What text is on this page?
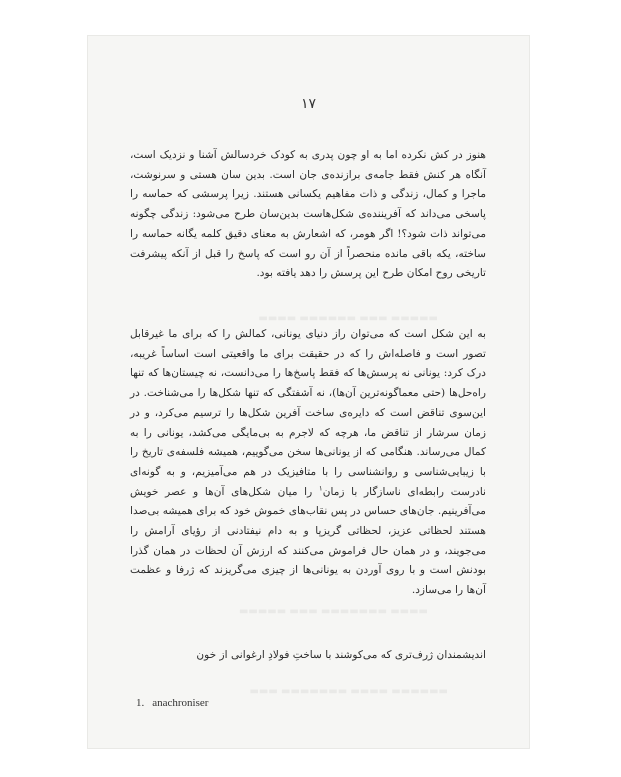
۱۷
▬▬▬▬▬ ▬▬▬ ▬▬▬▬▬▬ ▬▬▬▬
▬▬▬▬ ▬▬▬▬▬▬▬ ▬▬▬ ▬▬▬▬▬
▬▬▬▬▬▬ ▬▬▬▬ ▬▬▬▬▬▬▬ ▬▬▬

هنوز در کش نکرده اما به او چون پدری به کودک خردسالش آشنا و نزدیک است، آنگاه هر کنش فقط جامه‌ی برازنده‌ی جان است. بدین سان هستی و سرنوشت، ماجرا و کمال، زندگی و ذات مفاهیم یکسانی هستند. زیرا پرسشی که حماسه را پاسخی می‌داند که آفریننده‌ی شکل‌هاست بدین‌سان طرح می‌شود: زندگی چگونه می‌تواند ذات شود؟! اگر هومر، که اشعارش به معنای دقیق کلمه یگانه حماسه را ساخته، یکه باقی مانده منحصراً از آن رو است که پاسخ را قبل از آنکه پیشرفت تاریخی روح امکان طرح این پرسش را دهد یافته بود.

به این شکل است که می‌توان راز دنیای یونانی، کمالش را که برای ما غیرقابل تصور است و فاصله‌اش را که در حقیقت برای ما واقعیتی است اساساً غریبه، درک کرد: یونانی نه پرسش‌ها که فقط پاسخ‌ها را می‌دانست، نه چیستان‌ها که تنها راه‌حل‌ها (حتی معماگونه‌ترین آن‌ها)، نه آشفتگی که تنها شکل‌ها را می‌شناخت. در این‌سوی تناقض است که دایره‌ی ساخت آفرین شکل‌ها را ترسیم می‌کرد، و در زمان سرشار از تناقض ما، هرچه که لاجرم به بی‌مایگی می‌کشد، یونانی را به کمال می‌رساند. هنگامی که از یونانی‌ها سخن می‌گوییم، همیشه فلسفه‌ی تاریخ را با زیبایی‌شناسی و روانشناسی را با متافیزیک در هم می‌آمیزیم، و به گونه‌ای نادرست رابطه‌ای ناسازگار با زمان$^۱$ را میان شکل‌های آن‌ها و عصر خویش می‌آفرینیم. جان‌های حساس در پس نقاب‌های خموش خود که برای همیشه بی‌صدا هستند لحظاتی عزیز، لحظاتی گریزپا و به دام نیفتادنی از رؤیای آرامش را می‌جویند، و در همان حال فراموش می‌کنند که ارزش آن لحظات در همان گذرا بودنش است و با روی آوردن به یونانی‌ها از چیزی می‌گریزند که ژرفا و عظمت آن‌ها را می‌سازد.

اندیشمندان ژرف‌تری که می‌کوشند با ساختِ فولادِ ارغوانی از خون

1. anachroniser
